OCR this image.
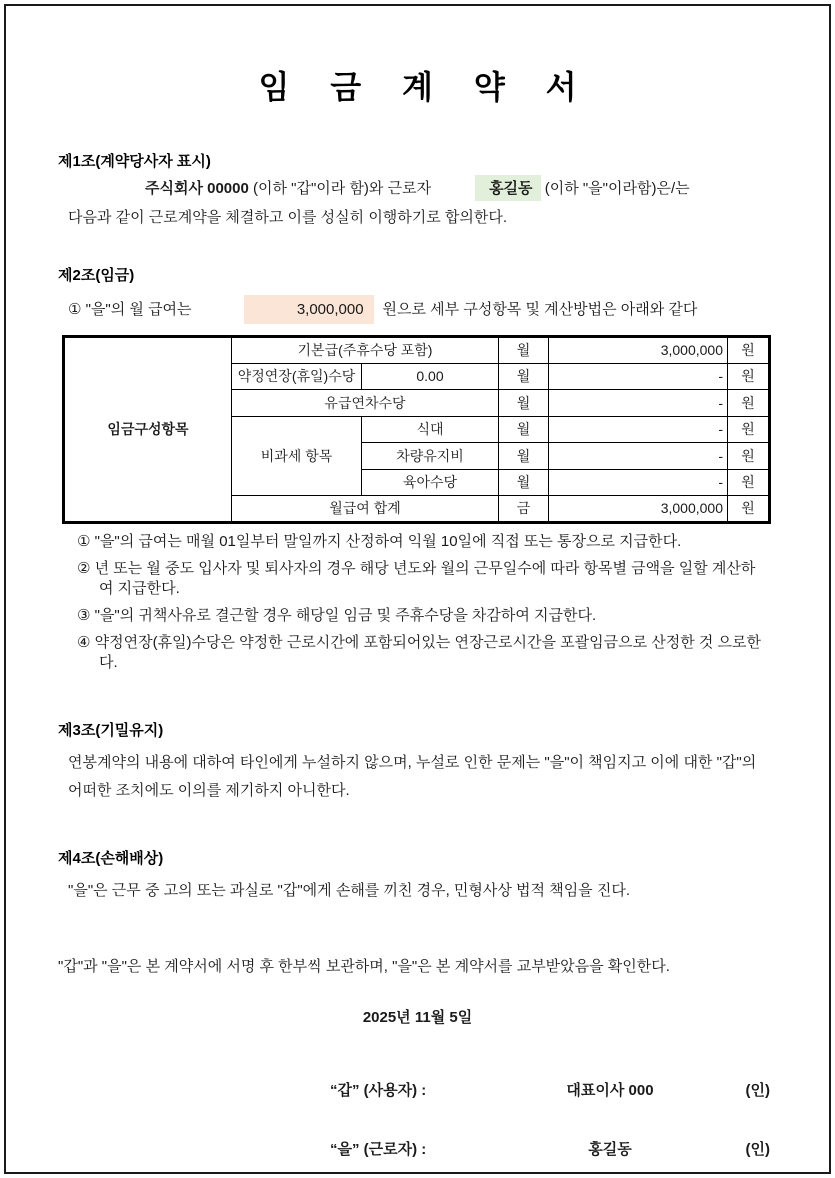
임 금 계 약 서
제1조(계약당사자 표시)
주식회사 00000 (이하 "갑"이라 함)와 근로자	홍길동 (이하 "을"이라함)은/는
다음과 같이 근로계약을 체결하고 이를 성실히 이행하기로 합의한다.
제2조(임금)
① "을"의 월 급여는	3,000,000	원으로 세부 구성항목 및 계산방법은 아래와 같다
임금구성항목	기본급(주휴수당 포함)		월	3,000,000	원
	약정연장(휴일)수당	0.00	월	-	원
	유급연차수당		월	-	원
	비과세 항목	식대	월	-	원
		차량유지비	월	-	원
		육아수당	월	-	원
	월급여 합계		금	3,000,000	원
① "을"의 급여는 매월 01일부터 말일까지 산정하여 익월 10일에 직접 또는 통장으로 지급한다.
② 년 또는 월 중도 입사자 및 퇴사자의 경우 해당 년도와 월의 근무일수에 따라 항목별 금액을 일할 계산하여 지급한다.
③ "을"의 귀책사유로 결근할 경우 해당일 임금 및 주휴수당을 차감하여 지급한다.
④ 약정연장(휴일)수당은 약정한 근로시간에 포함되어있는 연장근로시간을 포괄임금으로 산정한 것 으로한다.
제3조(기밀유지)
연봉계약의 내용에 대하여 타인에게 누설하지 않으며, 누설로 인한 문제는 "을"이 책임지고 이에 대한 "갑"의 어떠한 조치에도 이의를 제기하지 아니한다.
제4조(손해배상)
"을"은 근무 중 고의 또는 과실로 "갑"에게 손해를 끼친 경우, 민형사상 법적 책임을 진다.
"갑"과 "을"은 본 계약서에 서명 후 한부씩 보관하며, "을"은 본 계약서를 교부받았음을 확인한다.
2025년 11월 5일
“갑” (사용자) :	대표이사 000	(인)
“을” (근로자) :	홍길동	(인)
